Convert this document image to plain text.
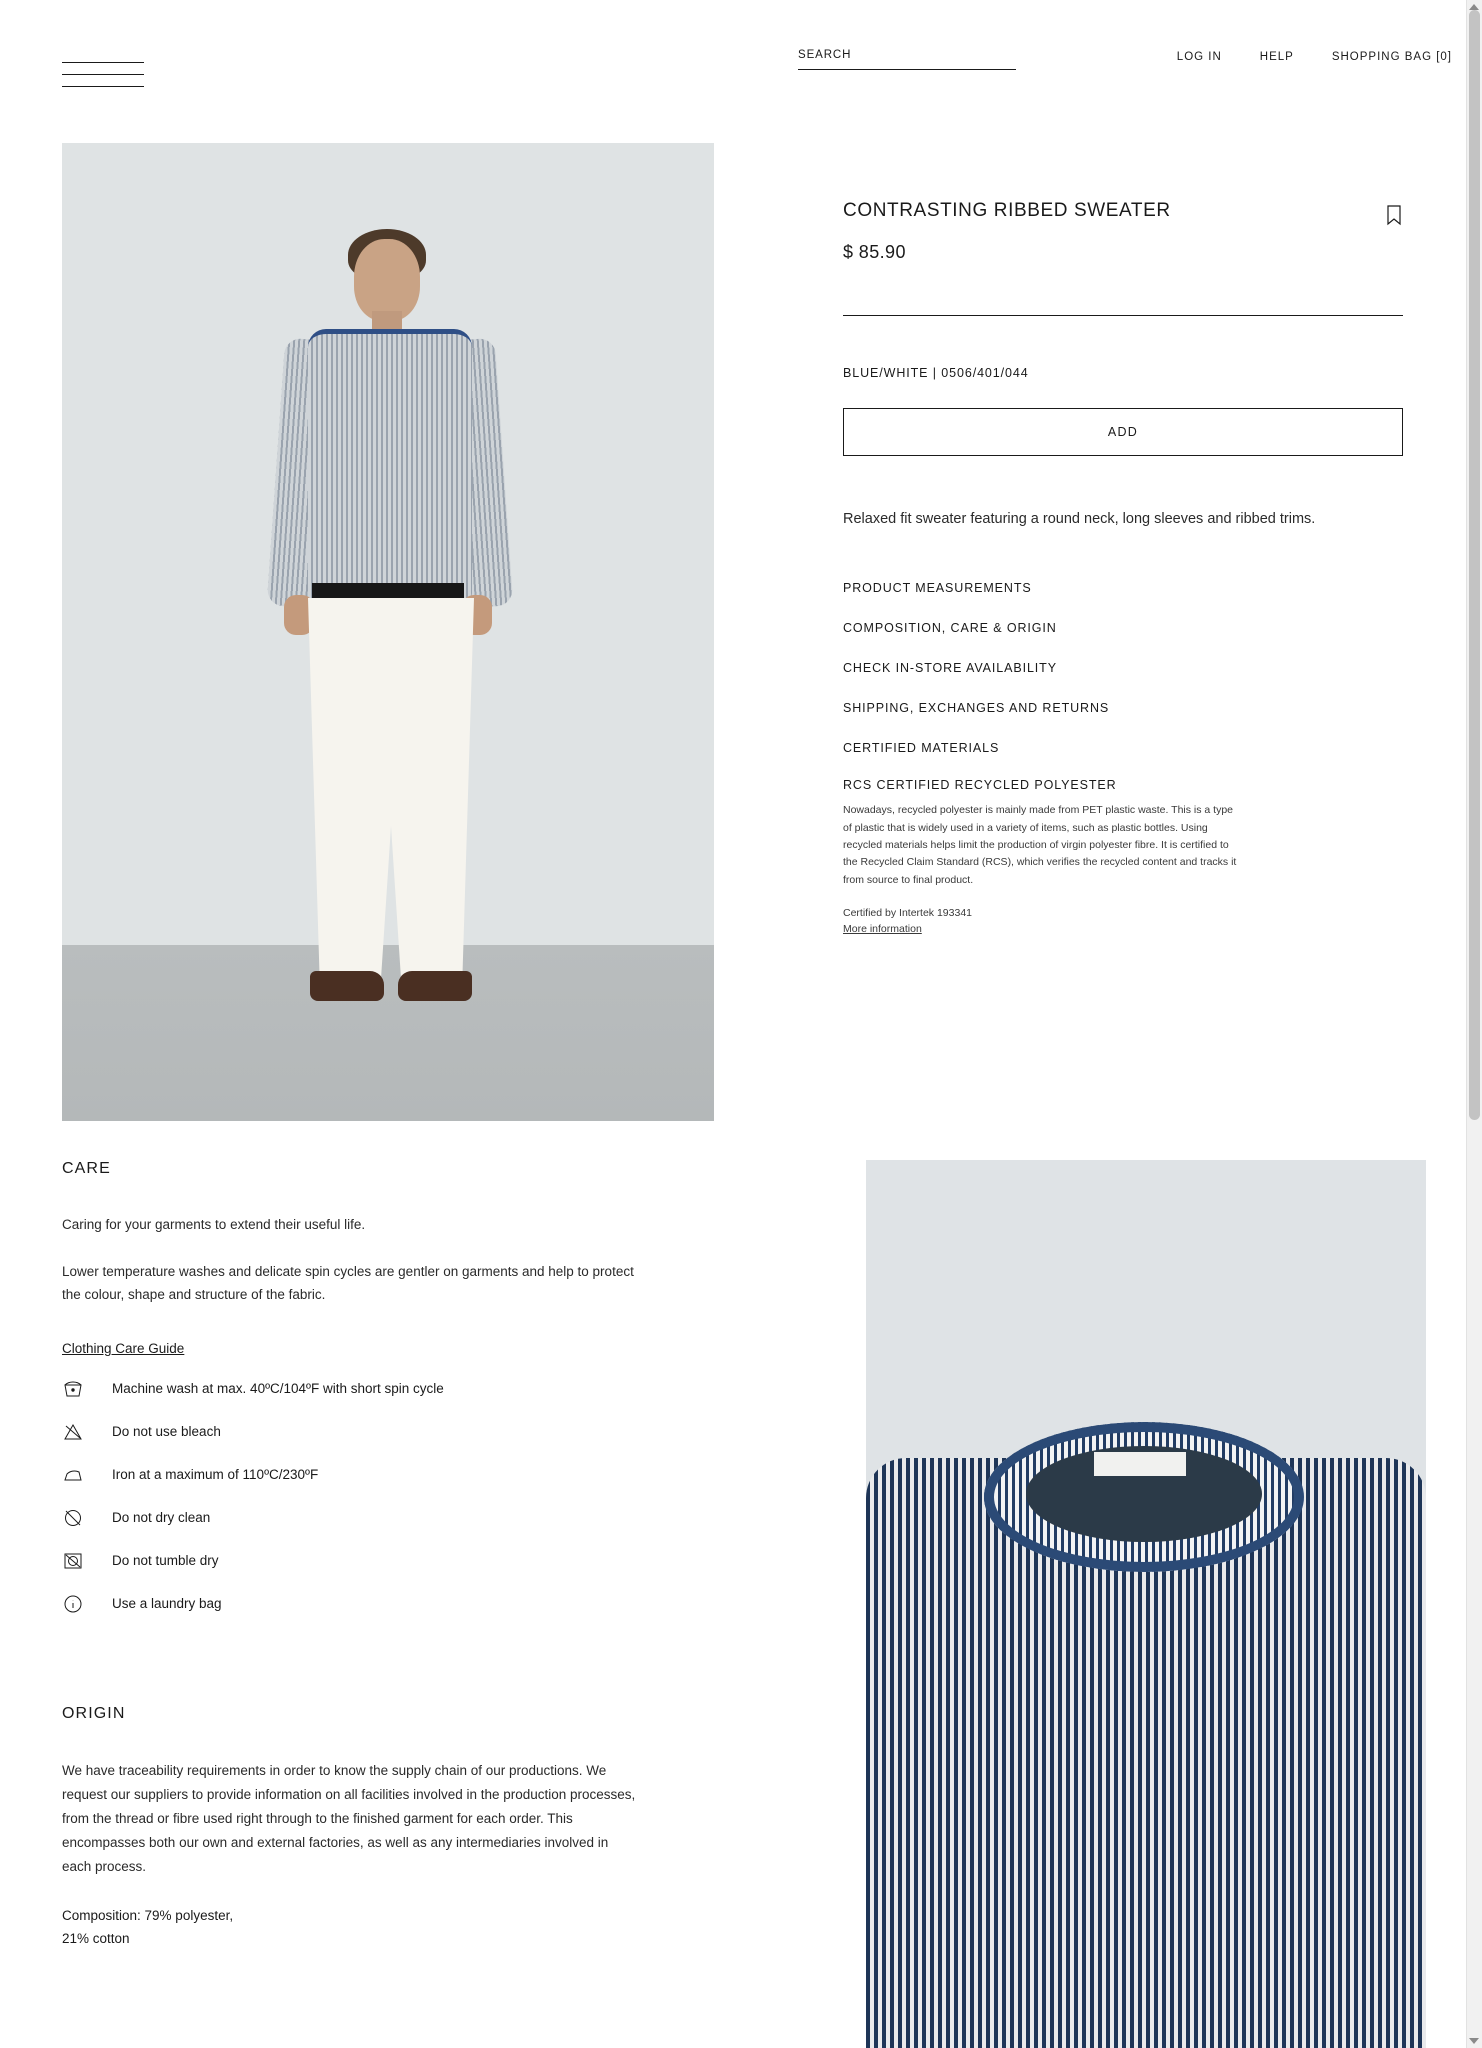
SEARCH
LOG IN	HELP	SHOPPING BAG [0]
CONTRASTING RIBBED SWEATER
$ 85.90
BLUE/WHITE | 0506/401/044
ADD
Relaxed fit sweater featuring a round neck, long sleeves and ribbed trims.
PRODUCT MEASUREMENTS
COMPOSITION, CARE & ORIGIN
CHECK IN-STORE AVAILABILITY
SHIPPING, EXCHANGES AND RETURNS
CERTIFIED MATERIALS
RCS CERTIFIED RECYCLED POLYESTER
Nowadays, recycled polyester is mainly made from PET plastic waste. This is a type of plastic that is widely used in a variety of items, such as plastic bottles. Using recycled materials helps limit the production of virgin polyester fibre. It is certified to the Recycled Claim Standard (RCS), which verifies the recycled content and tracks it from source to final product.
Certified by Intertek 193341
More information
CARE

Caring for your garments to extend their useful life.

Lower temperature washes and delicate spin cycles are gentler on garments and help to protect the colour, shape and structure of the fabric.

Clothing Care Guide
Machine wash at max. 40ºC/104ºF with short spin cycle
Do not use bleach
Iron at a maximum of 110ºC/230ºF
Do not dry clean
Do not tumble dry
Use a laundry bag
ORIGIN

We have traceability requirements in order to know the supply chain of our productions. We request our suppliers to provide information on all facilities involved in the production processes, from the thread or fibre used right through to the finished garment for each order. This encompasses both our own and external factories, as well as any intermediaries involved in each process.

Composition: 79% polyester,
21% cotton
